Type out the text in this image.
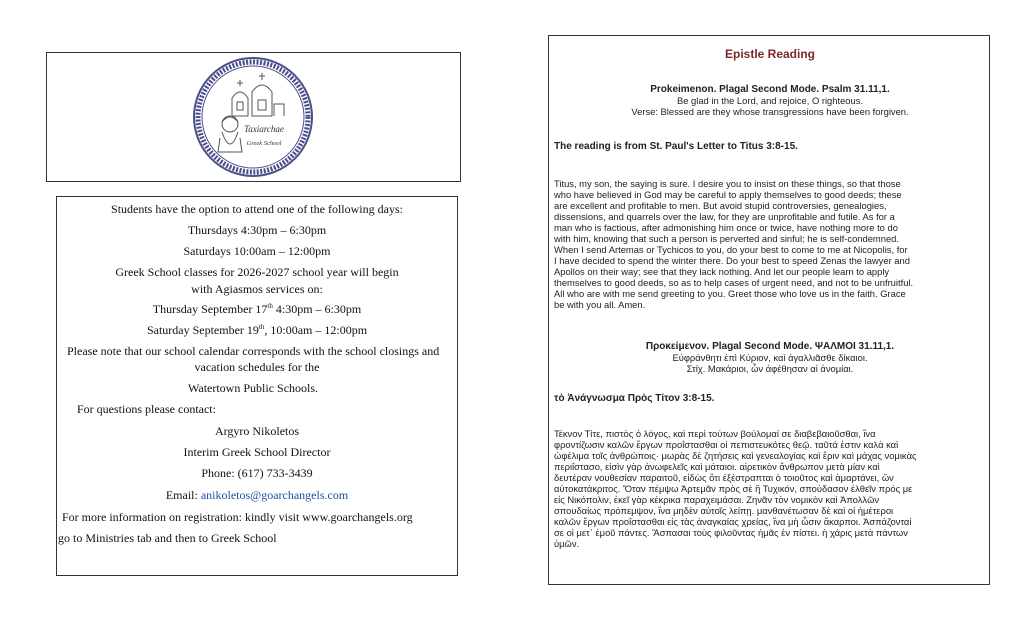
Taxiarchae
Greek School
Students have the option to attend one of the following days:
Thursdays 4:30pm – 6:30pm
Saturdays 10:00am – 12:00pm
Greek School classes for 2026-2027 school year will begin
with Agiasmos services on:
Thursday September 17th 4:30pm – 6:30pm
Saturday September 19th, 10:00am – 12:00pm
Please note that our school calendar corresponds with the school closings and
vacation schedules for the
Watertown Public Schools.
For questions please contact:
Argyro Nikoletos
Interim Greek School Director
Phone: (617) 733-3439
Email: anikoletos@goarchangels.com
For more information on registration: kindly visit www.goarchangels.org
go to Ministries tab and then to Greek School
Epistle Reading
Prokeimenon. Plagal Second Mode. Psalm 31.11,1.
Be glad in the Lord, and rejoice, O righteous.
Verse: Blessed are they whose transgressions have been forgiven.
The reading is from St. Paul's Letter to Titus 3:8-15.
Titus, my son, the saying is sure. I desire you to insist on these things, so that those
who have believed in God may be careful to apply themselves to good deeds; these
are excellent and profitable to men. But avoid stupid controversies, genealogies,
dissensions, and quarrels over the law, for they are unprofitable and futile. As for a
man who is factious, after admonishing him once or twice, have nothing more to do
with him, knowing that such a person is perverted and sinful; he is self-condemned.
When I send Artemas or Tychicos to you, do your best to come to me at Nicopolis, for
I have decided to spend the winter there. Do your best to speed Zenas the lawyer and
Apollos on their way; see that they lack nothing. And let our people learn to apply
themselves to good deeds, so as to help cases of urgent need, and not to be unfruitful.
All who are with me send greeting to you. Greet those who love us in the faith. Grace
be with you all. Amen.
Προκείμενον. Plagal Second Mode. ΨΑΛΜΟΙ 31.11,1.
Εὐφράνθητι ἐπὶ Κύριον, καὶ ἀγαλλιᾶσθε δίκαιοι.
Στίχ. Μακάριοι, ὧν ἀφέθησαν αἱ ἀνομίαι.
τὸ Ἀνάγνωσμα Πρὸς Τίτον 3:8-15.
Τέκνον Τίτε, πιστὸς ὁ λόγος, καὶ περὶ τούτων βούλομαί σε διαβεβαιοῦσθαι, ἵνα
φροντίζωσιν καλῶν ἔργων προΐστασθαι οἱ πεπιστευκότες θεῷ. ταῦτά ἐστιν καλὰ καὶ
ὠφέλιμα τοῖς ἀνθρώποις· μωρὰς δὲ ζητήσεις καὶ γενεαλογίας καὶ ἔριν καὶ μάχας νομικὰς
περιΐστασο, εἰσὶν γὰρ ἀνωφελεῖς καὶ μάταιοι. αἱρετικὸν ἄνθρωπον μετὰ μίαν καὶ
δευτέραν νουθεσίαν παραιτοῦ, εἰδὼς ὅτι ἐξέστραπται ὁ τοιοῦτος καὶ ἁμαρτάνει, ὢν
αὐτοκατάκριτος. Ὅταν πέμψω Ἀρτεμᾶν πρὸς σὲ ἢ Τυχικόν, σπούδασον ἐλθεῖν πρός με
εἰς Νικόπολιν, ἐκεῖ γὰρ κέκρικα παραχειμάσαι. Ζηνᾶν τὸν νομικὸν καὶ Ἀπολλῶν
σπουδαίως πρόπεμψον, ἵνα μηδὲν αὐτοῖς λείπῃ. μανθανέτωσαν δὲ καὶ οἱ ἡμέτεροι
καλῶν ἔργων προΐστασθαι εἰς τὰς ἀναγκαίας χρείας, ἵνα μὴ ὦσιν ἄκαρποι. Ἀσπάζονταί
σε οἱ μετ᾽ ἐμοῦ πάντες. Ἄσπασαι τοὺς φιλοῦντας ἡμᾶς ἐν πίστει. ἡ χάρις μετὰ πάντων
ὑμῶν.
